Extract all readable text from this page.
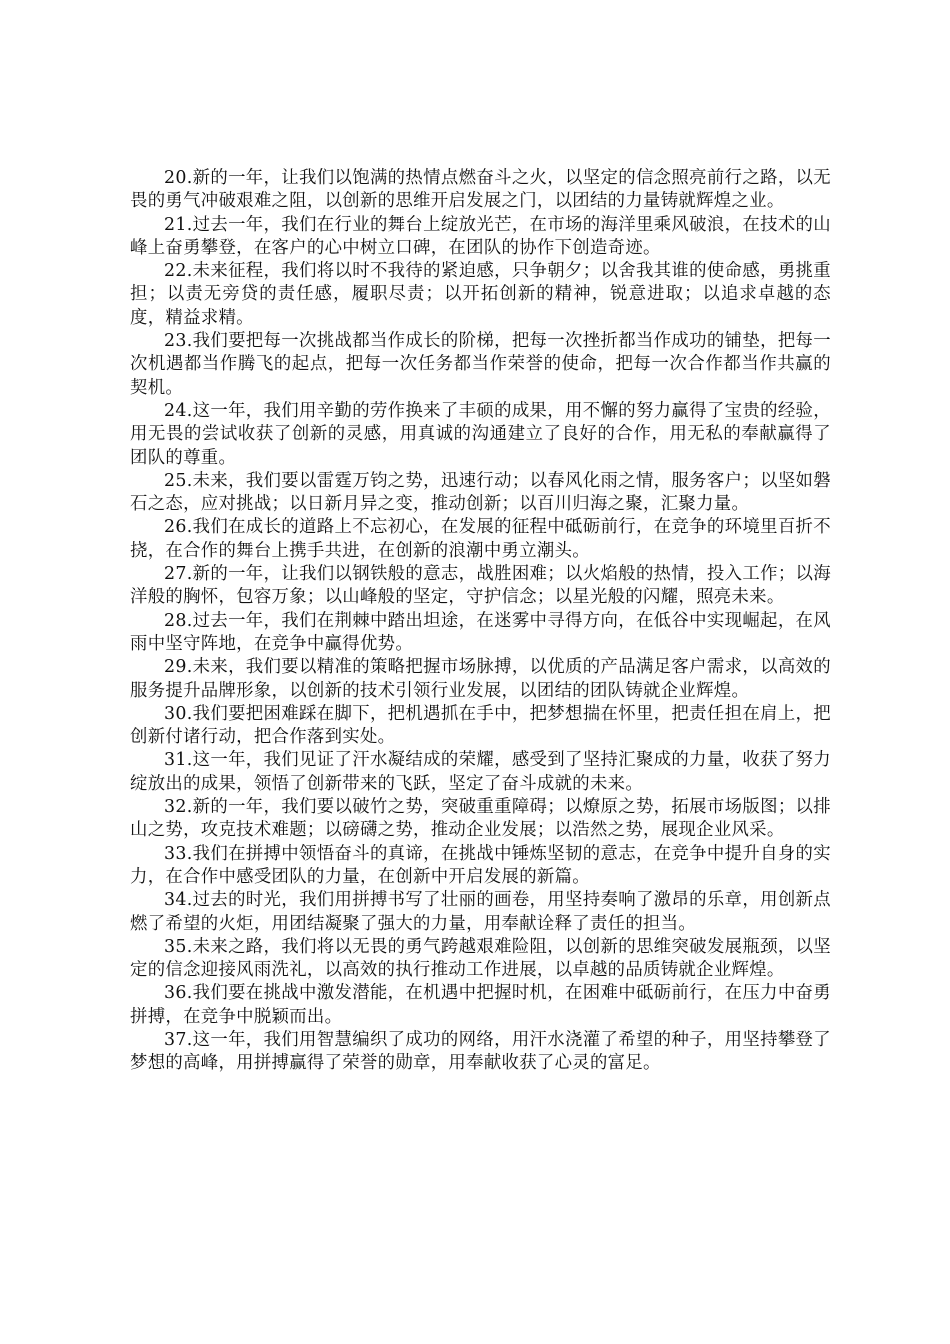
20.新的一年，让我们以饱满的热情点燃奋斗之火，以坚定的信念照亮前行之路，以无畏的勇气冲破艰难之阻，以创新的思维开启发展之门，以团结的力量铸就辉煌之业。

21.过去一年，我们在行业的舞台上绽放光芒，在市场的海洋里乘风破浪，在技术的山峰上奋勇攀登，在客户的心中树立口碑，在团队的协作下创造奇迹。

22.未来征程，我们将以时不我待的紧迫感，只争朝夕；以舍我其谁的使命感，勇挑重担；以责无旁贷的责任感，履职尽责；以开拓创新的精神，锐意进取；以追求卓越的态度，精益求精。

23.我们要把每一次挑战都当作成长的阶梯，把每一次挫折都当作成功的铺垫，把每一次机遇都当作腾飞的起点，把每一次任务都当作荣誉的使命，把每一次合作都当作共赢的契机。

24.这一年，我们用辛勤的劳作换来了丰硕的成果，用不懈的努力赢得了宝贵的经验，用无畏的尝试收获了创新的灵感，用真诚的沟通建立了良好的合作，用无私的奉献赢得了团队的尊重。

25.未来，我们要以雷霆万钧之势，迅速行动；以春风化雨之情，服务客户；以坚如磐石之态，应对挑战；以日新月异之变，推动创新；以百川归海之聚，汇聚力量。

26.我们在成长的道路上不忘初心，在发展的征程中砥砺前行，在竞争的环境里百折不挠，在合作的舞台上携手共进，在创新的浪潮中勇立潮头。

27.新的一年，让我们以钢铁般的意志，战胜困难；以火焰般的热情，投入工作；以海洋般的胸怀，包容万象；以山峰般的坚定，守护信念；以星光般的闪耀，照亮未来。

28.过去一年，我们在荆棘中踏出坦途，在迷雾中寻得方向，在低谷中实现崛起，在风雨中坚守阵地，在竞争中赢得优势。

29.未来，我们要以精准的策略把握市场脉搏，以优质的产品满足客户需求，以高效的服务提升品牌形象，以创新的技术引领行业发展，以团结的团队铸就企业辉煌。

30.我们要把困难踩在脚下，把机遇抓在手中，把梦想揣在怀里，把责任担在肩上，把创新付诸行动，把合作落到实处。

31.这一年，我们见证了汗水凝结成的荣耀，感受到了坚持汇聚成的力量，收获了努力绽放出的成果，领悟了创新带来的飞跃，坚定了奋斗成就的未来。

32.新的一年，我们要以破竹之势，突破重重障碍；以燎原之势，拓展市场版图；以排山之势，攻克技术难题；以磅礴之势，推动企业发展；以浩然之势，展现企业风采。

33.我们在拼搏中领悟奋斗的真谛，在挑战中锤炼坚韧的意志，在竞争中提升自身的实力，在合作中感受团队的力量，在创新中开启发展的新篇。

34.过去的时光，我们用拼搏书写了壮丽的画卷，用坚持奏响了激昂的乐章，用创新点燃了希望的火炬，用团结凝聚了强大的力量，用奉献诠释了责任的担当。

35.未来之路，我们将以无畏的勇气跨越艰难险阻，以创新的思维突破发展瓶颈，以坚定的信念迎接风雨洗礼，以高效的执行推动工作进展，以卓越的品质铸就企业辉煌。

36.我们要在挑战中激发潜能，在机遇中把握时机，在困难中砥砺前行，在压力中奋勇拼搏，在竞争中脱颖而出。

37.这一年，我们用智慧编织了成功的网络，用汗水浇灌了希望的种子，用坚持攀登了梦想的高峰，用拼搏赢得了荣誉的勋章，用奉献收获了心灵的富足。
